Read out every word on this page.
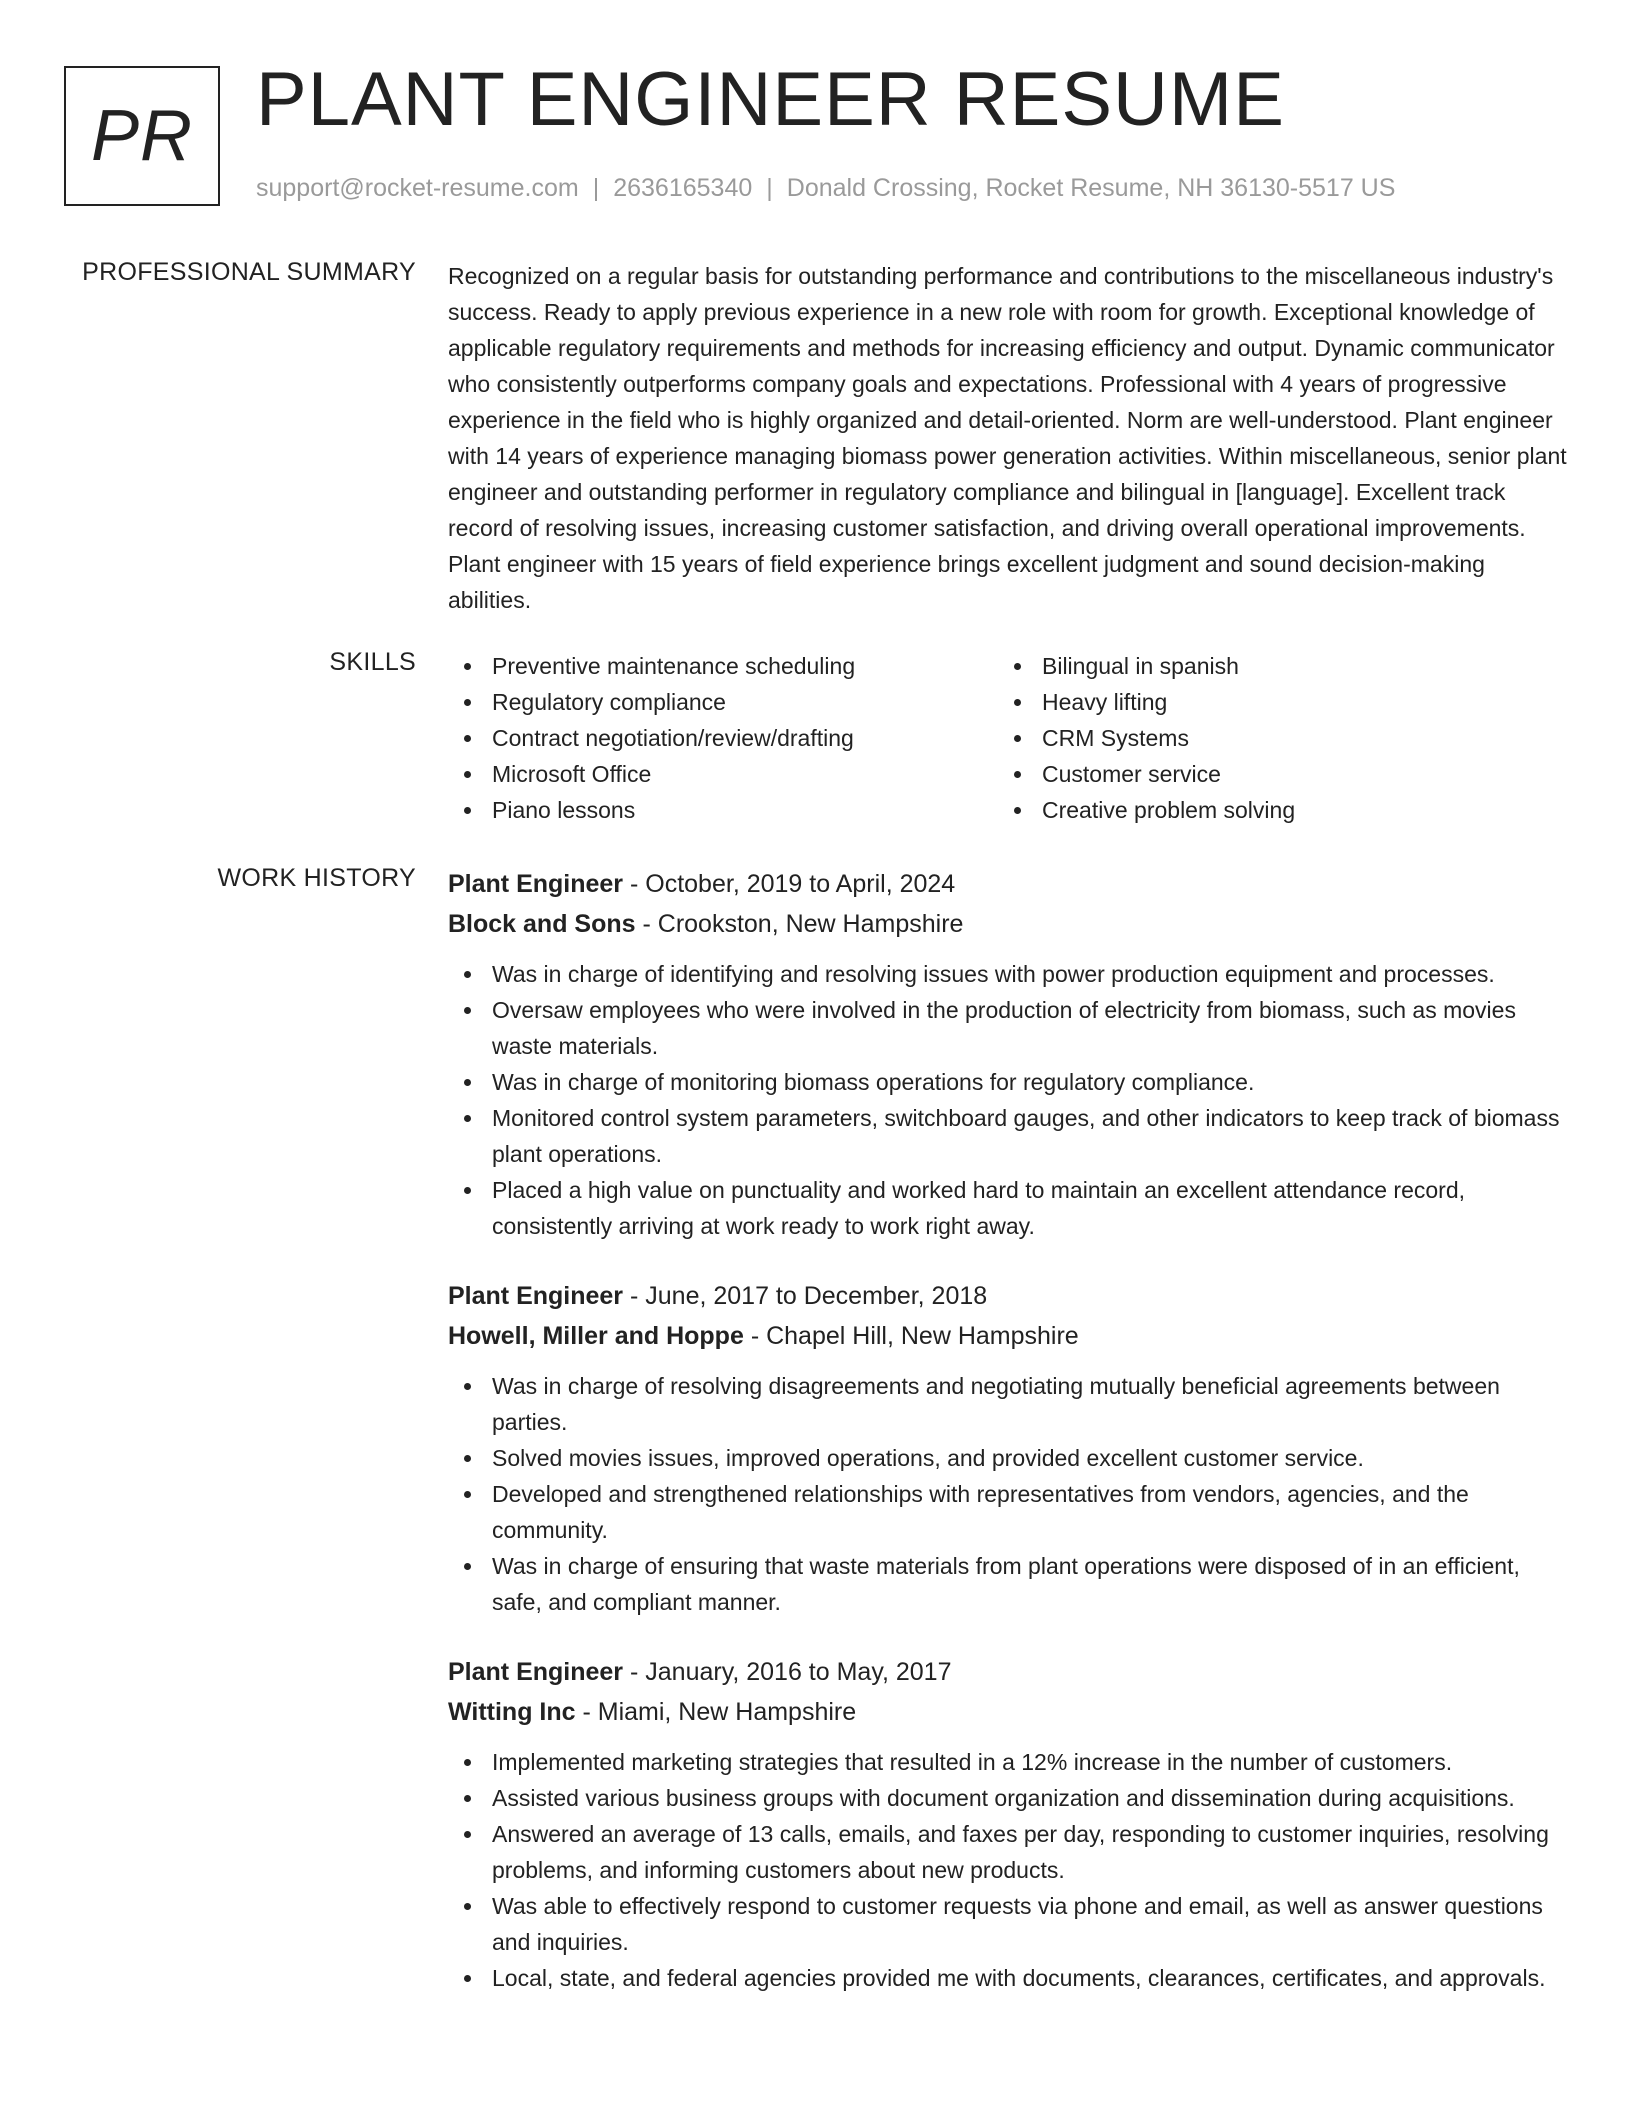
PR PLANT ENGINEER RESUME
support@rocket-resume.com | 2636165340 | Donald Crossing, Rocket Resume, NH 36130-5517 US
PROFESSIONAL SUMMARY Recognized on a regular basis for outstanding performance and contributions to the miscellaneous industry's success. Ready to apply previous experience in a new role with room for growth. Exceptional knowledge of applicable regulatory requirements and methods for increasing efficiency and output. Dynamic communicator who consistently outperforms company goals and expectations. Professional with 4 years of progressive experience in the field who is highly organized and detail-oriented. Norm are well-understood. Plant engineer with 14 years of experience managing biomass power generation activities. Within miscellaneous, senior plant engineer and outstanding performer in regulatory compliance and bilingual in [language]. Excellent track record of resolving issues, increasing customer satisfaction, and driving overall operational improvements. Plant engineer with 15 years of field experience brings excellent judgment and sound decision-making abilities.

SKILLS	Preventive maintenance scheduling
Regulatory compliance
Contract negotiation/review/drafting
Microsoft Office
Piano lessons
Bilingual in spanish
Heavy lifting
CRM Systems
Customer service
Creative problem solving
WORK HISTORY Plant Engineer - October, 2019 to April, 2024
Block and Sons - Crookston, New Hampshire
Was in charge of identifying and resolving issues with power production equipment and processes.
Oversaw employees who were involved in the production of electricity from biomass, such as movies waste materials.
Was in charge of monitoring biomass operations for regulatory compliance.
Monitored control system parameters, switchboard gauges, and other indicators to keep track of biomass plant operations.
Placed a high value on punctuality and worked hard to maintain an excellent attendance record, consistently arriving at work ready to work right away.
Plant Engineer - June, 2017 to December, 2018
Howell, Miller and Hoppe - Chapel Hill, New Hampshire
Was in charge of resolving disagreements and negotiating mutually beneficial agreements between parties.
Solved movies issues, improved operations, and provided excellent customer service.
Developed and strengthened relationships with representatives from vendors, agencies, and the community.
Was in charge of ensuring that waste materials from plant operations were disposed of in an efficient, safe, and compliant manner.
Plant Engineer - January, 2016 to May, 2017
Witting Inc - Miami, New Hampshire
Implemented marketing strategies that resulted in a 12% increase in the number of customers.
Assisted various business groups with document organization and dissemination during acquisitions.
Answered an average of 13 calls, emails, and faxes per day, responding to customer inquiries, resolving problems, and informing customers about new products.
Was able to effectively respond to customer requests via phone and email, as well as answer questions and inquiries.
Local, state, and federal agencies provided me with documents, clearances, certificates, and approvals.
